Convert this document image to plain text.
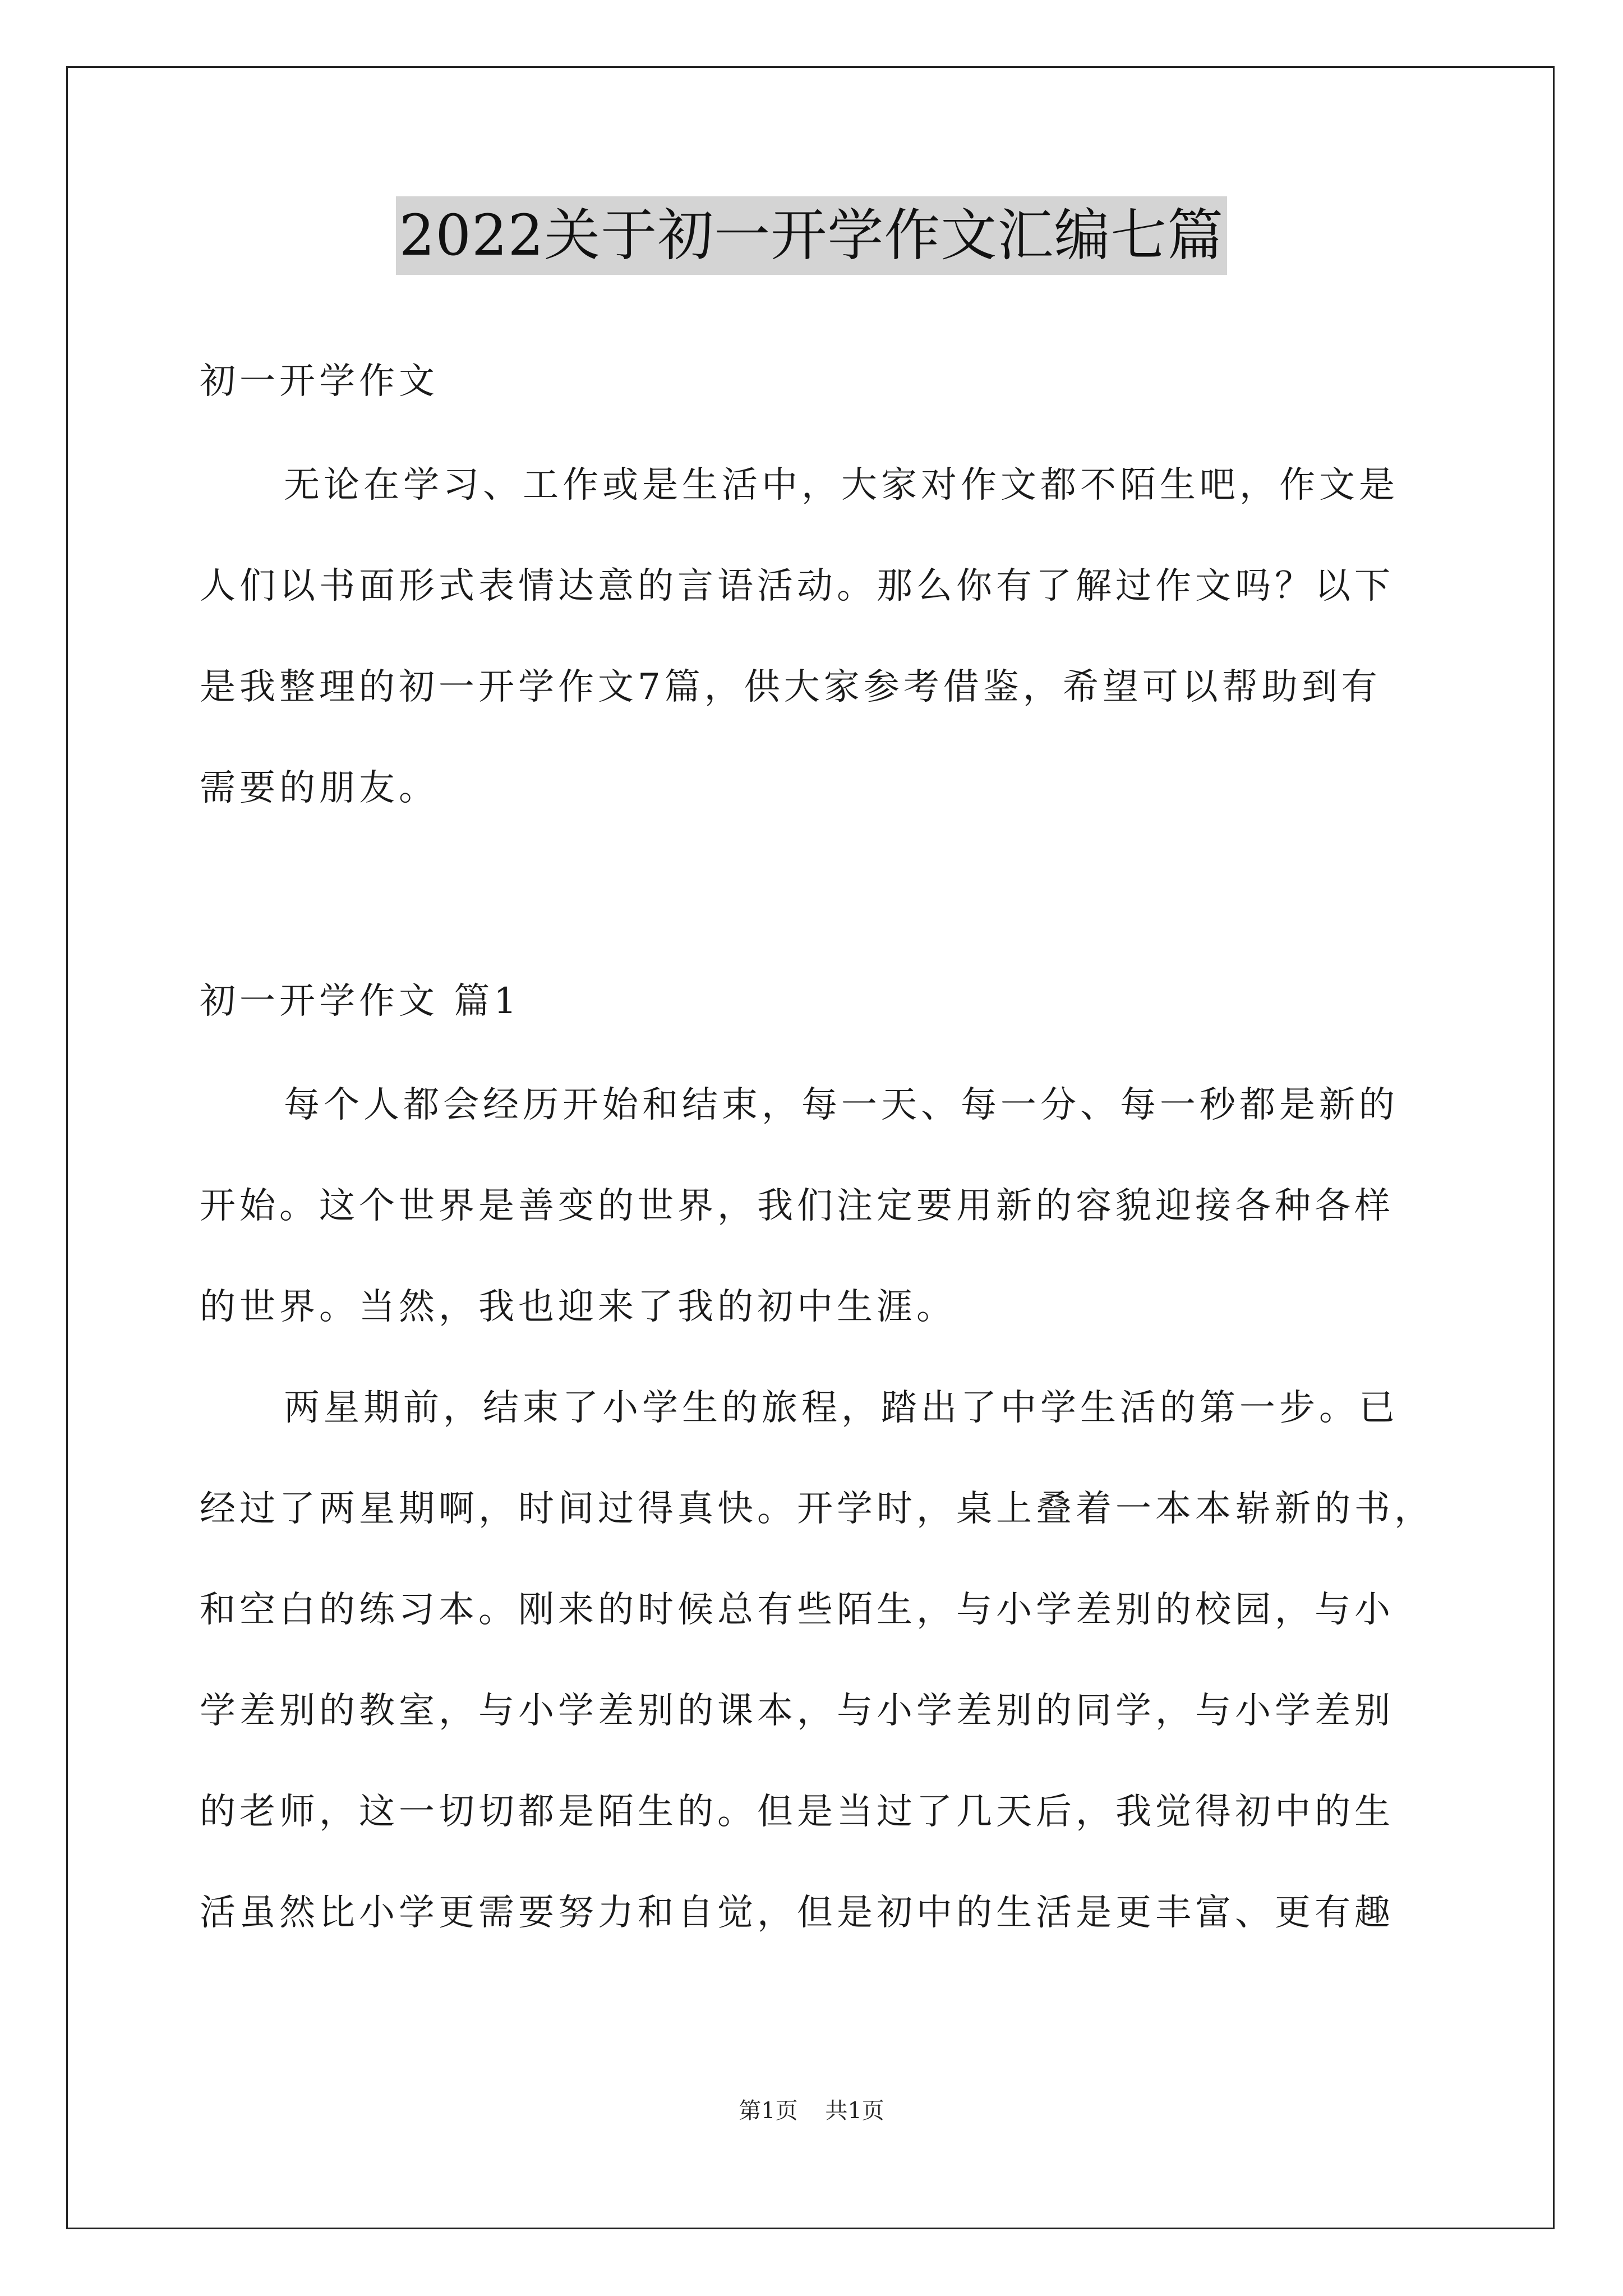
2022关于初一开学作文汇编七篇
初一开学作文
无论在学习、工作或是生活中，大家对作文都不陌生吧，作文是
人们以书面形式表情达意的言语活动。那么你有了解过作文吗？以下
是我整理的初一开学作文7篇，供大家参考借鉴，希望可以帮助到有
需要的朋友。
初一开学作文 篇1
每个人都会经历开始和结束，每一天、每一分、每一秒都是新的
开始。这个世界是善变的世界，我们注定要用新的容貌迎接各种各样
的世界。当然，我也迎来了我的初中生涯。
两星期前，结束了小学生的旅程，踏出了中学生活的第一步。已
经过了两星期啊，时间过得真快。开学时，桌上叠着一本本崭新的书，
和空白的练习本。刚来的时候总有些陌生，与小学差别的校园，与小
学差别的教室，与小学差别的课本，与小学差别的同学，与小学差别
的老师，这一切切都是陌生的。但是当过了几天后，我觉得初中的生
活虽然比小学更需要努力和自觉，但是初中的生活是更丰富、更有趣
第1页 共1页
